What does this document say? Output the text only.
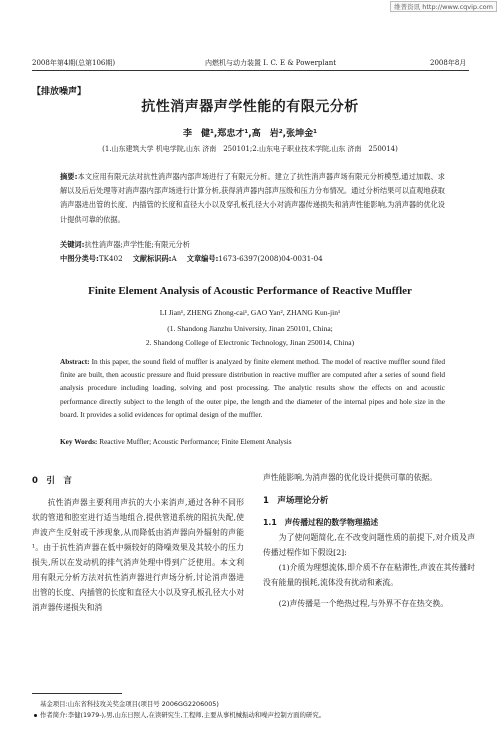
维普资讯 http://www.cqvip.com
2008年第4期(总第106期)	内燃机与动力装置 I. C. E & Powerplant	2008年8月
【排放噪声】
抗性消声器声学性能的有限元分析
李　健¹,郑忠才¹,高　岩²,张坤金¹
(1.山东建筑大学 机电学院,山东 济南　250101;2.山东电子职业技术学院,山东 济南　250014)
摘要:本文应用有限元法对抗性消声器内部声场进行了有限元分析。建立了抗性消声器声场有限元分析模型,通过加载、求解以及后后处理等对消声器内部声场进行计算分析,获得消声器内部声压级和压力分布情况。通过分析结果可以直观地获取消声器进出管的长度、内插管的长度和直径大小以及穿孔板孔径大小对消声器传递损失和消声性能影响,为消声器的优化设计提供可靠的依据。
关键词:抗性消声器;声学性能;有限元分析
中图分类号:TK402 文献标识码:A 文章编号:1673-6397(2008)04-0031-04
Finite Element Analysis of Acoustic Performance of Reactive Muffler
LI Jian¹, ZHENG Zhong-cai¹, GAO Yan², ZHANG Kun-jin¹
(1. Shandong Jianzhu University, Jinan 250101, China;
2. Shandong College of Electronic Technology, Jinan 250014, China)
Abstract: In this paper, the sound field of muffler is analyzed by finite element method. The model of reactive muffler sound filed finite are built, then acoustic pressure and fluid pressure distribution in reactive muffler are computed after a series of sound field analysis procedure including loading, solving and post processing. The analytic results show the effects on and acoustic performance directly subject to the length of the outer pipe, the length and the diameter of the internal pipes and hole size in the board. It provides a solid evidences for optimal design of the muffler.
Key Words: Reactive Muffler; Acoustic Performance; Finite Element Analysis
0　引　言

抗性消声器主要利用声抗的大小来消声,通过各种不同形状的管道和腔室进行适当地组合,提供管道系统的阻抗失配,使声波产生反射或干涉现象,从而降低由消声器向外辐射的声能¹。由于抗性消声器在低中频较好的降噪效果及其较小的压力损失,所以在发动机的排气消声处理中得到广泛使用。本文利用有限元分析方法对抗性消声器进行声场分析,讨论消声器进出管的长度、内插管的长度和直径大小以及穿孔板孔径大小对消声器传递损失和消

声性能影响,为消声器的优化设计提供可靠的依据。

1　声场理论分析
1.1　声传播过程的数学物理描述

为了使问题简化,在不改变问题性质的前提下,对介质及声传播过程作如下假设[2]:

(1)介质为理想流体,即介质不存在粘滞性,声波在其传播时没有能量的损耗,流体没有扰动和紊流。

(2)声传播是一个绝热过程,与外界不存在热交换。

基金项目:山东省科技攻关奖金项目(项目号 2006GG2206005)
作者简介:李健(1979-),男,山东日照人,在读研究生,工程师,主要从事机械振动和噪声控制方面的研究。
